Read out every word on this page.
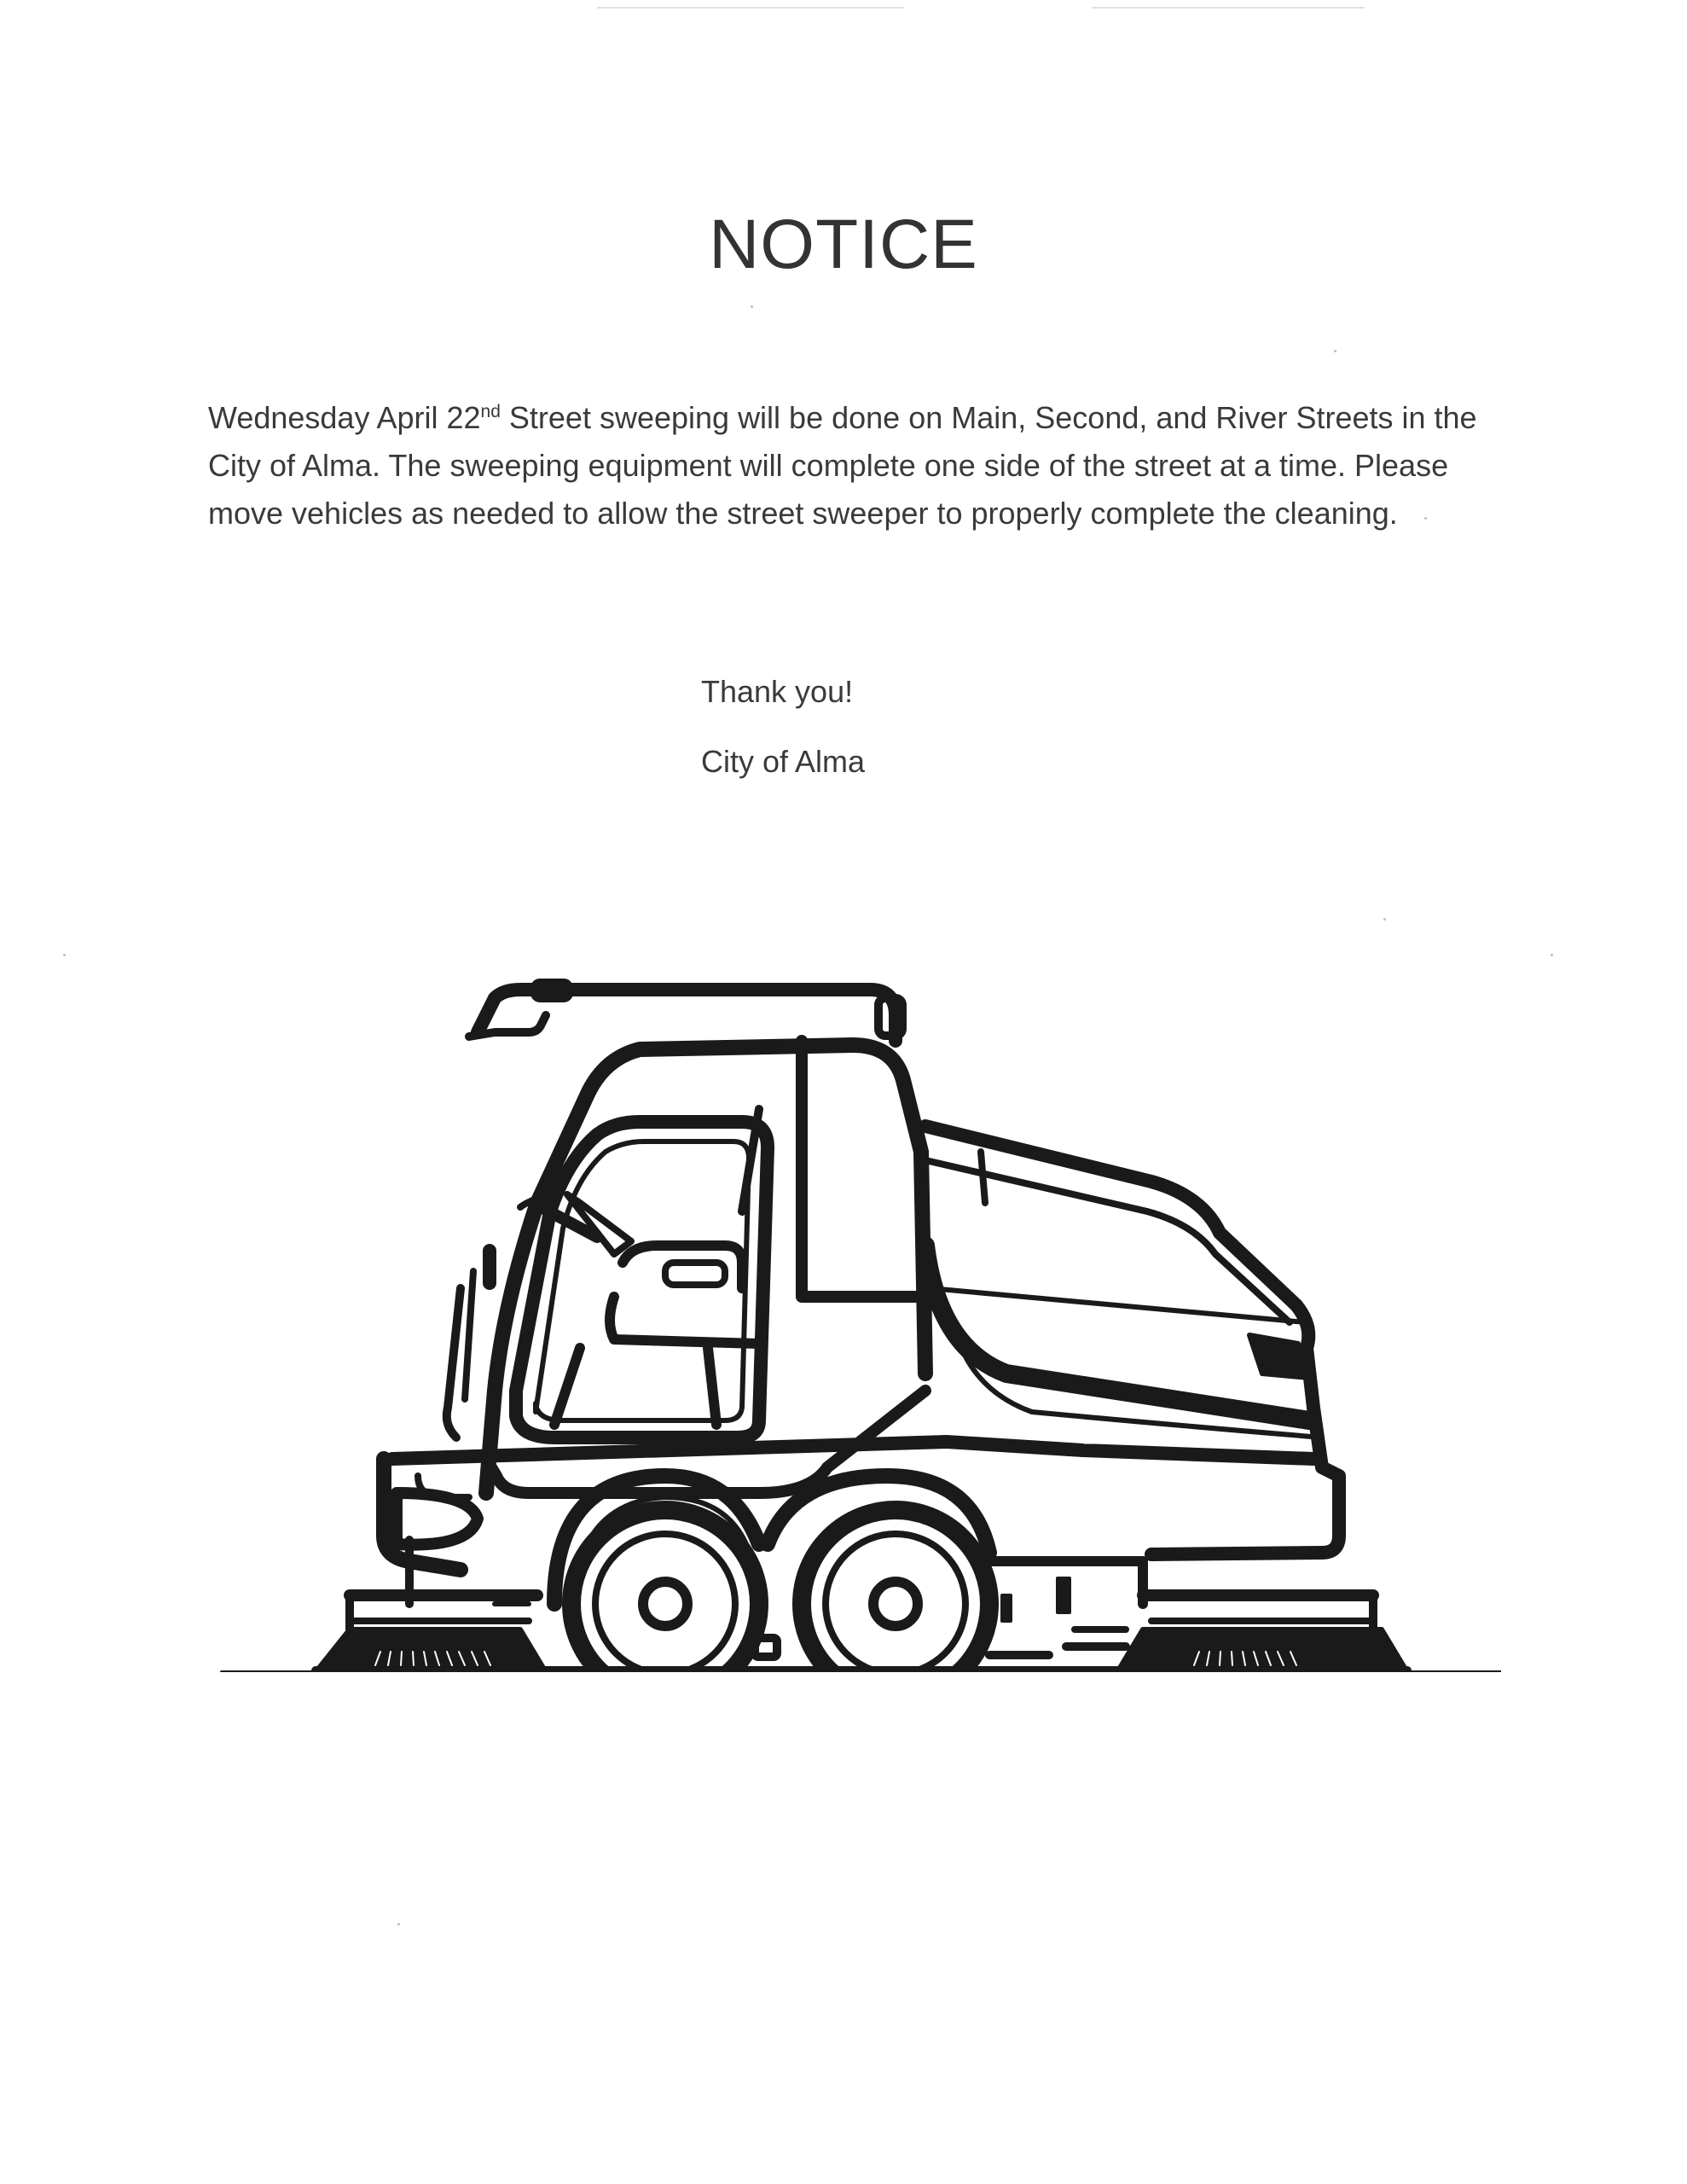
NOTICE

Wednesday April 22nd Street sweeping will be done on Main, Second, and River Streets in the City of Alma. The sweeping equipment will complete one side of the street at a time. Please move vehicles as needed to allow the street sweeper to properly complete the cleaning.

Thank you!

City of Alma
